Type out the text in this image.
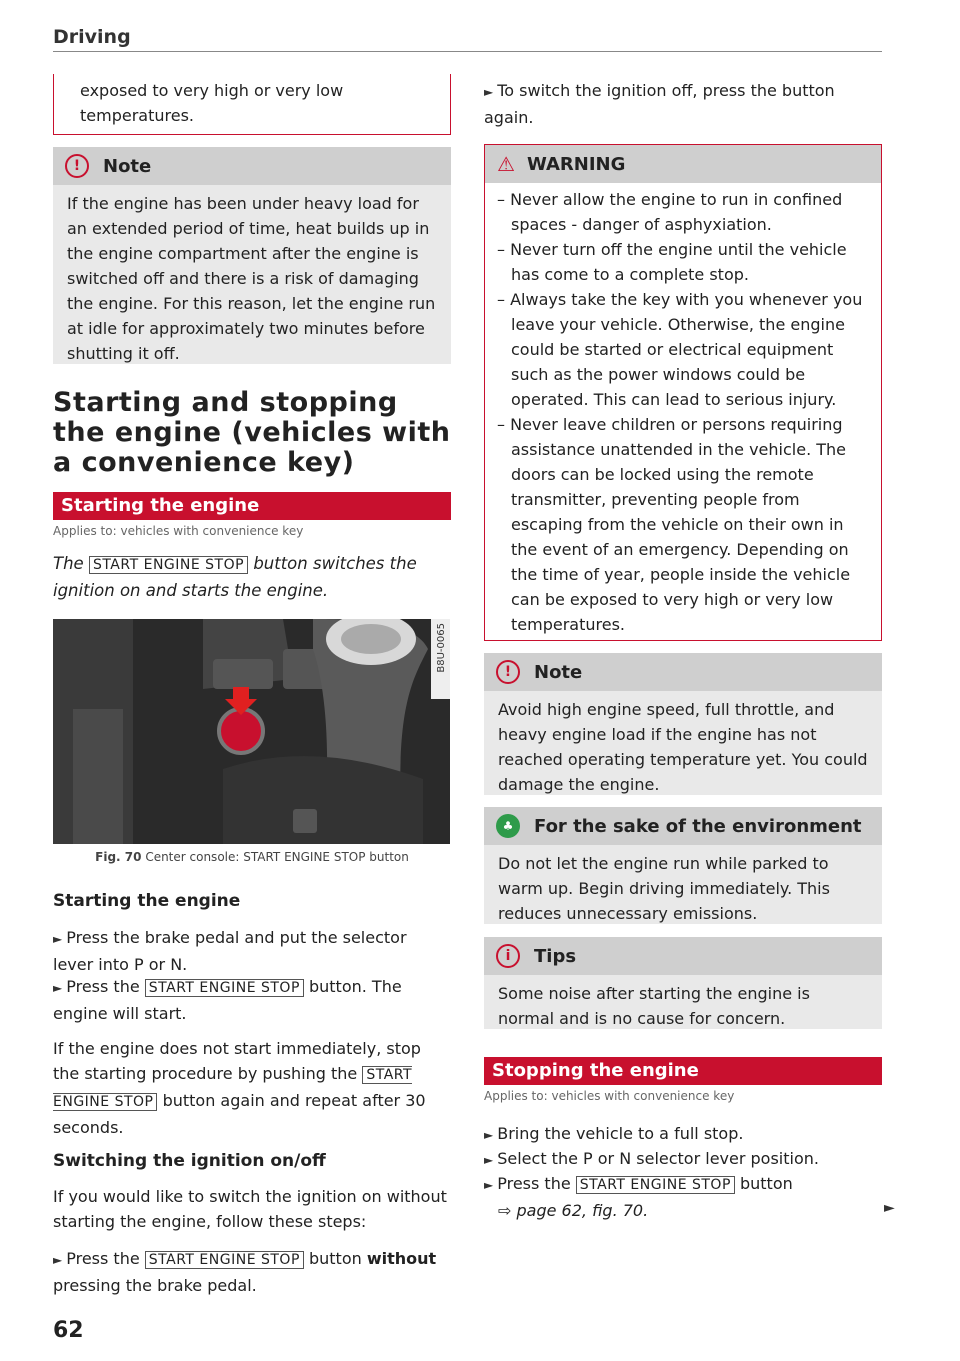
Driving
exposed to very high or very low temperatures.
!	Note
If the engine has been under heavy load for an extended period of time, heat builds up in the engine compartment after the engine is switched off and there is a risk of damaging the engine. For this reason, let the engine run at idle for approximately two minutes before shutting it off.
Starting and stopping the engine (vehicles with a convenience key)
Starting the engine
Applies to: vehicles with convenience key
The START ENGINE STOP button switches the ignition on and starts the engine.
B8U-0065
Fig. 70 Center console: START ENGINE STOP button
Starting the engine
► Press the brake pedal and put the selector lever into P or N.
► Press the START ENGINE STOP button. The engine will start.
If the engine does not start immediately, stop the starting procedure by pushing the START ENGINE STOP button again and repeat after 30 seconds.
Switching the ignition on/off
If you would like to switch the ignition on without starting the engine, follow these steps:
► Press the START ENGINE STOP button without pressing the brake pedal.
62
► To switch the ignition off, press the button again.
⚠ WARNING
– Never allow the engine to run in confined spaces - danger of asphyxiation.
– Never turn off the engine until the vehicle has come to a complete stop.
– Always take the key with you whenever you leave your vehicle. Otherwise, the engine could be started or electrical equipment such as the power windows could be operated. This can lead to serious injury.
– Never leave children or persons requiring assistance unattended in the vehicle. The doors can be locked using the remote transmitter, preventing people from escaping from the vehicle on their own in the event of an emergency. Depending on the time of year, people inside the vehicle can be exposed to very high or very low temperatures.
!	Note
Avoid high engine speed, full throttle, and heavy engine load if the engine has not reached operating temperature yet. You could damage the engine.
♣	For the sake of the environment
Do not let the engine run while parked to warm up. Begin driving immediately. This reduces unnecessary emissions.
i	Tips
Some noise after starting the engine is normal and is no cause for concern.
Stopping the engine
Applies to: vehicles with convenience key
► Bring the vehicle to a full stop.
► Select the P or N selector lever position.
► Press the START ENGINE STOP button
⇨ page 62, fig. 70.	►
